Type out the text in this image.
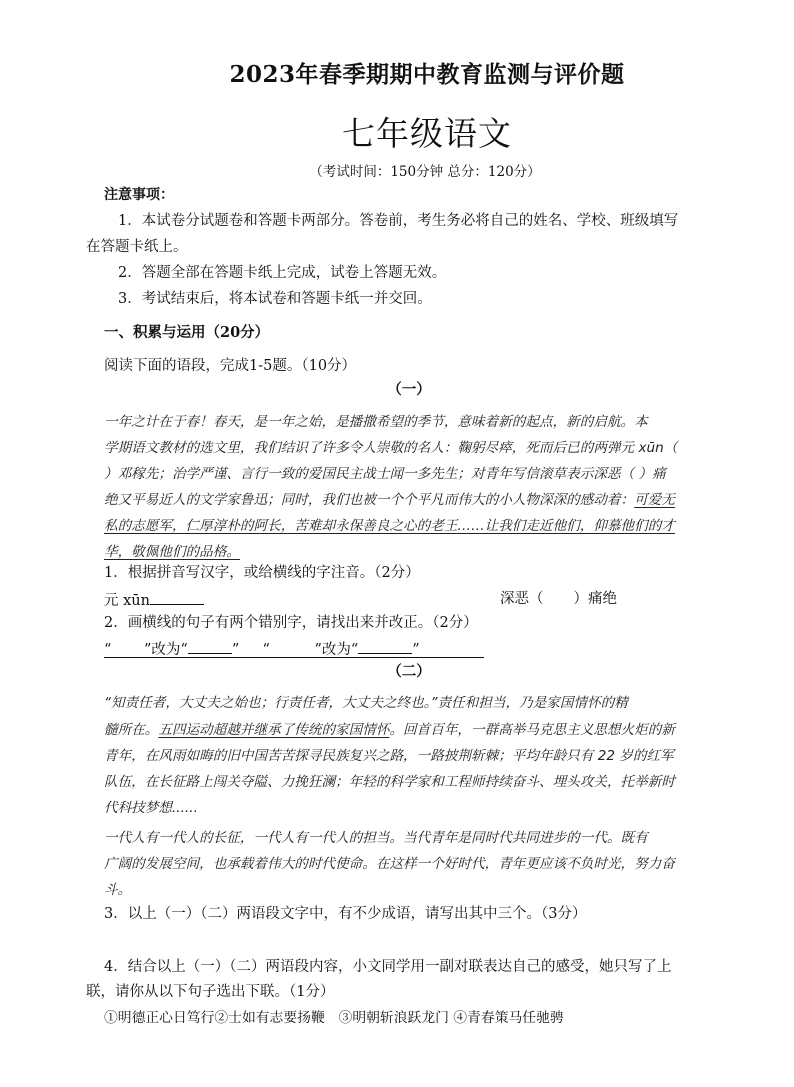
2023年春季期期中教育监测与评价题
七年级语文
（考试时间：150分钟 总分：120分）
注意事项：
1．本试卷分试题卷和答题卡两部分。答卷前，考生务必将自己的姓名、学校、班级填写
在答题卡纸上。
2．答题全部在答题卡纸上完成，试卷上答题无效。
3．考试结束后，将本试卷和答题卡纸一并交回。
一、积累与运用（20分）
阅读下面的语段，完成1-5题。（10分）
（一）
一年之计在于春！春天，是一年之始，是播撒希望的季节，意味着新的起点，新的启航。本
学期语文教材的选文里，我们结识了许多令人崇敬的名人：鞠躬尽瘁，死而后已的两弹元 xūn（
）邓稼先；治学严谨、言行一致的爱国民主战士闻一多先生；对青年写信滚草表示深恶（ ）痛
绝又平易近人的文学家鲁迅；同时，我们也被一个个平凡而伟大的小人物深深的感动着：可爱无
私的志愿军，仁厚淳朴的阿长，苦难却永保善良之心的老王……让我们走近他们，仰慕他们的才
华，敬佩他们的品格。
1．根据拼音写汉字，或给横线的字注音。（2分）
元 xūn	深恶（ ）痛绝
2．画横线的句子有两个错别字，请找出来并改正。（2分）
“ ”改为“	” “	”改为“	”
（二）
“知责任者，大丈夫之始也；行责任者，大丈夫之终也。”责任和担当，乃是家国情怀的精
髓所在。五四运动超越并继承了传统的家国情怀。回首百年，一群高举马克思主义思想火炬的新
青年，在风雨如晦的旧中国苦苦探寻民族复兴之路，一路披荆斩棘；平均年龄只有 22 岁的红军
队伍，在长征路上闯关夺隘、力挽狂澜；年轻的科学家和工程师持续奋斗、埋头攻关，托举新时
代科技梦想......
一代人有一代人的长征，一代人有一代人的担当。当代青年是同时代共同进步的一代。既有
广阔的发展空间，也承载着伟大的时代使命。在这样一个好时代，青年更应该不负时光，努力奋
斗。
3．以上（一）（二）两语段文字中，有不少成语，请写出其中三个。（3分）
4．结合以上（一）（二）两语段内容，小文同学用一副对联表达自己的感受，她只写了上
联，请你从以下句子选出下联。（1分）
①明德正心日笃行②士如有志要扬鞭　③明朝斩浪跃龙门 ④青春策马任驰骋
